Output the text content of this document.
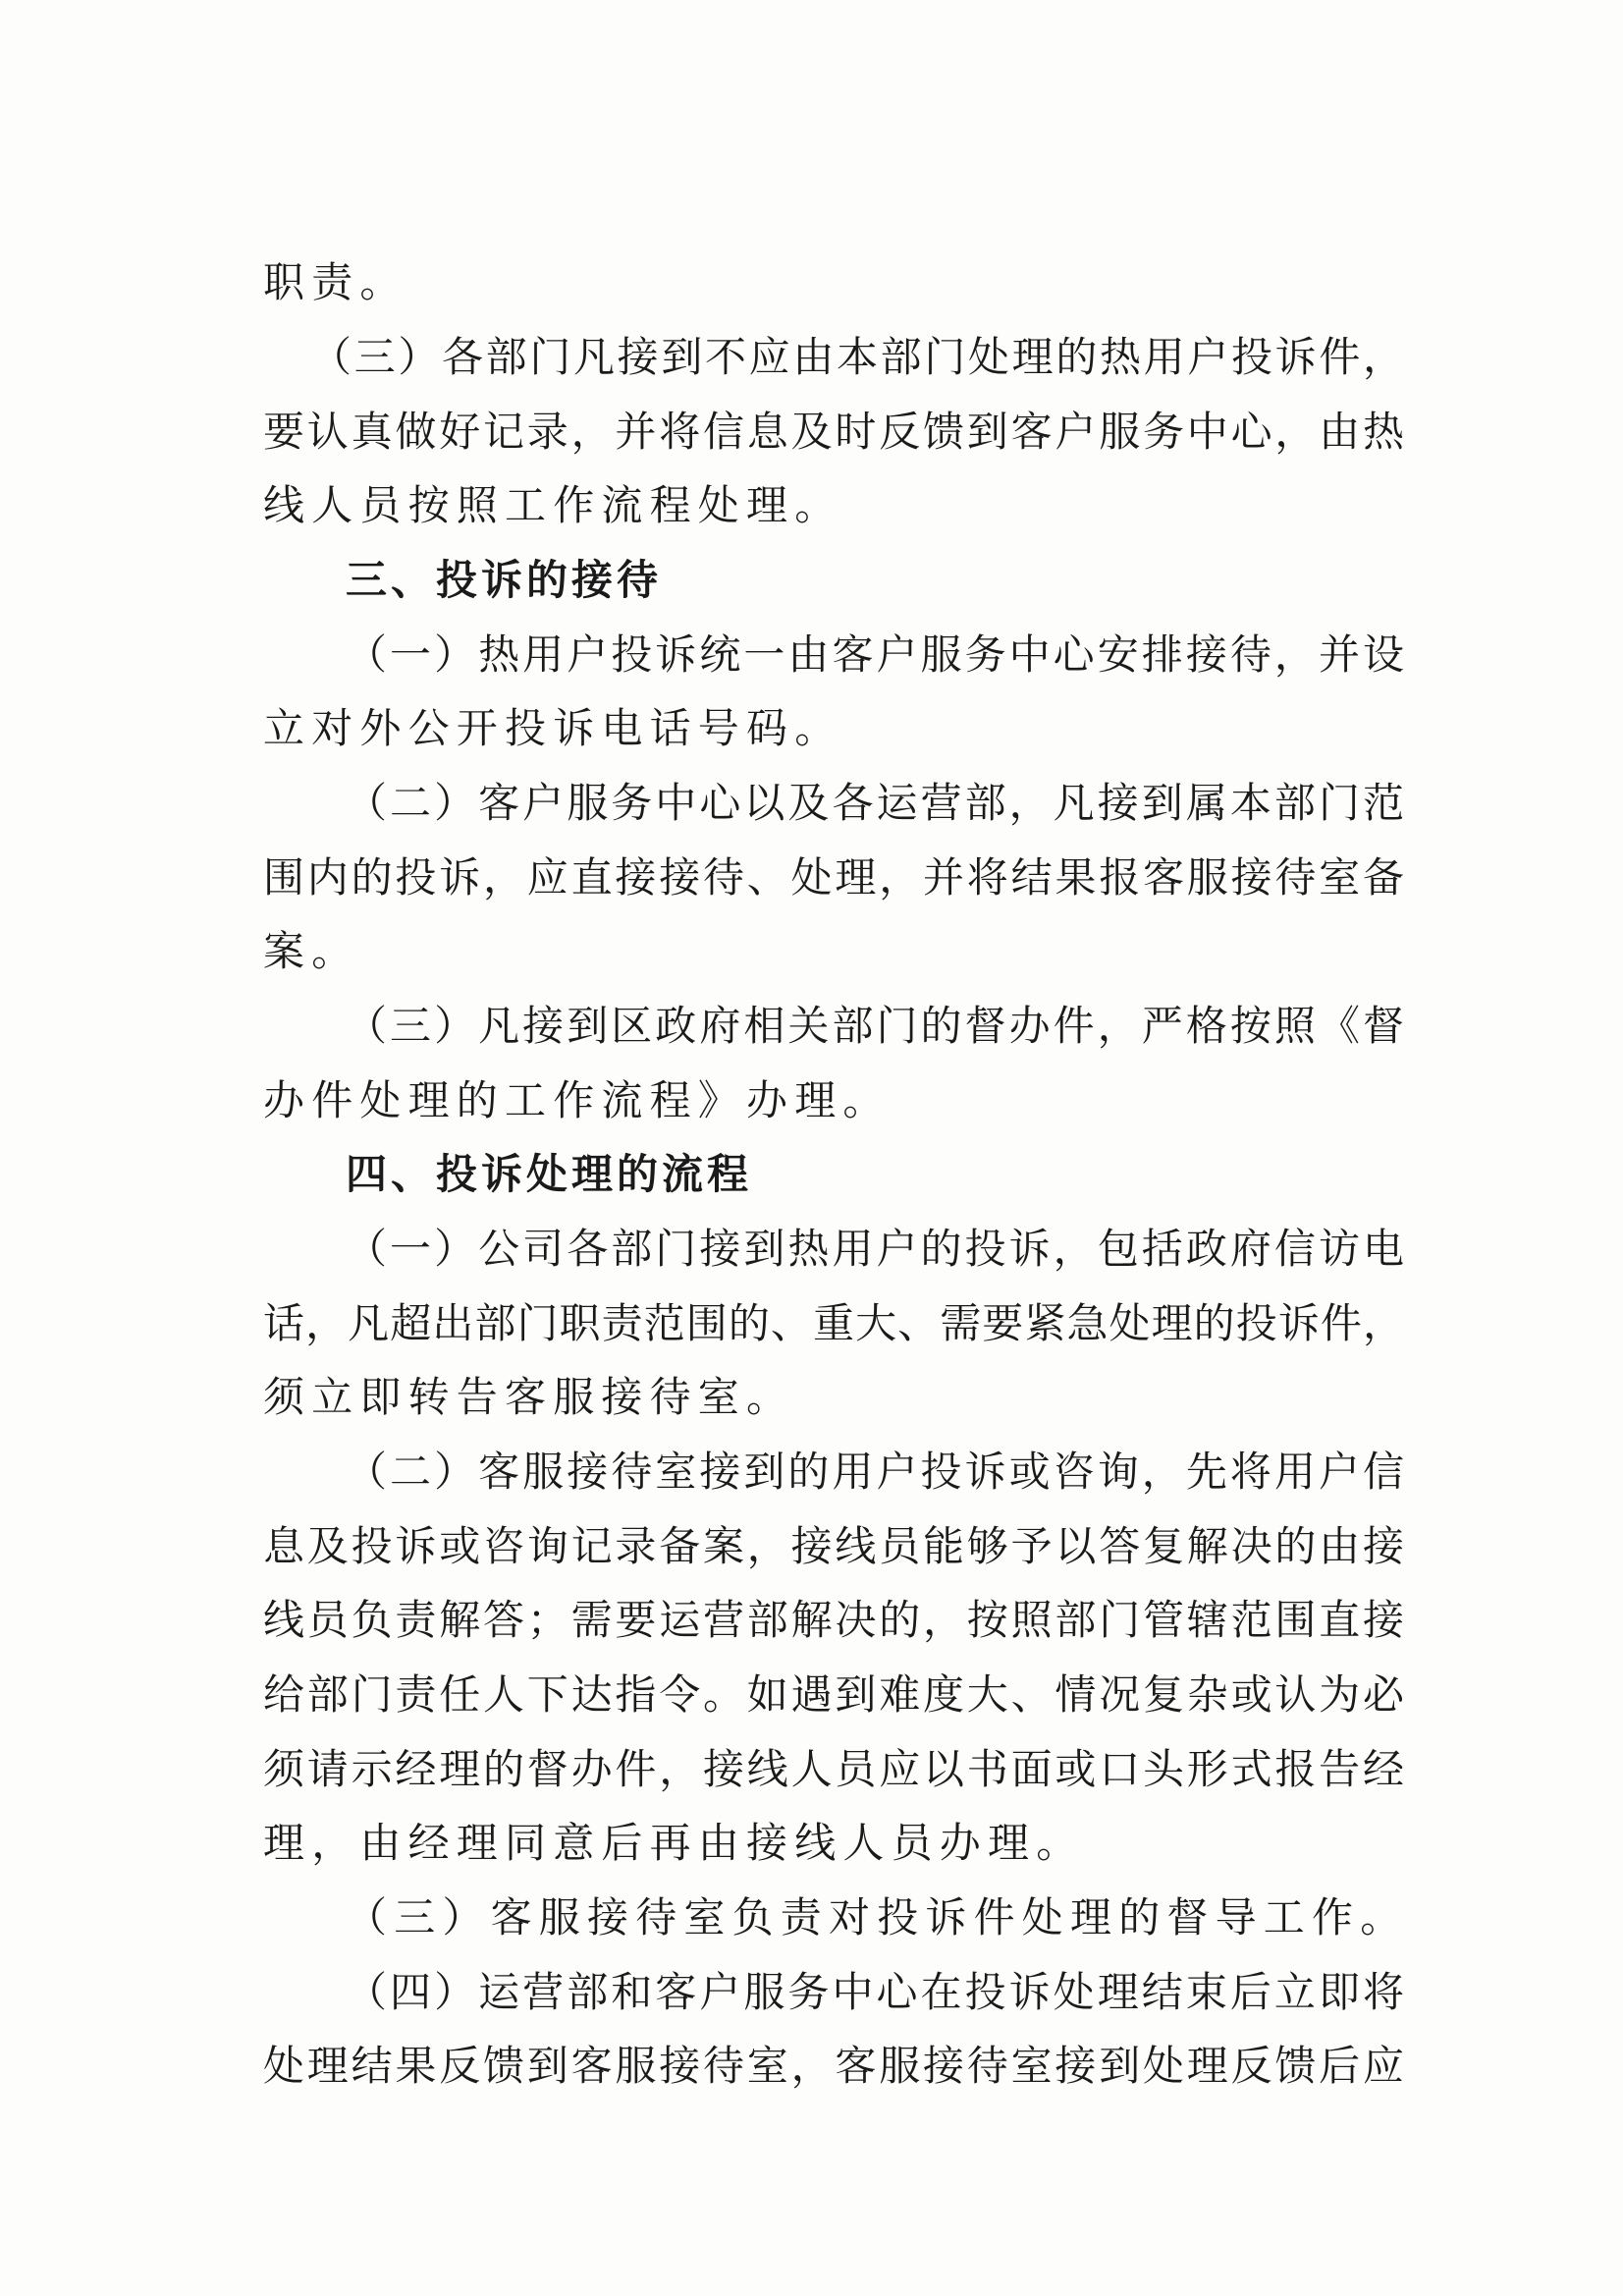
职责。
（三）各部门凡接到不应由本部门处理的热用户投诉件，
要认真做好记录，并将信息及时反馈到客户服务中心，由热
线人员按照工作流程处理。
三、投诉的接待
（一）热用户投诉统一由客户服务中心安排接待，并设
立对外公开投诉电话号码。
（二）客户服务中心以及各运营部，凡接到属本部门范
围内的投诉，应直接接待、处理，并将结果报客服接待室备
案。
（三）凡接到区政府相关部门的督办件，严格按照《督
办件处理的工作流程》办理。
四、投诉处理的流程
（一）公司各部门接到热用户的投诉，包括政府信访电
话，凡超出部门职责范围的、重大、需要紧急处理的投诉件，
须立即转告客服接待室。
（二）客服接待室接到的用户投诉或咨询，先将用户信
息及投诉或咨询记录备案，接线员能够予以答复解决的由接
线员负责解答；需要运营部解决的，按照部门管辖范围直接
给部门责任人下达指令。如遇到难度大、情况复杂或认为必
须请示经理的督办件，接线人员应以书面或口头形式报告经
理，由经理同意后再由接线人员办理。
（三）客服接待室负责对投诉件处理的督导工作。
（四）运营部和客户服务中心在投诉处理结束后立即将
处理结果反馈到客服接待室，客服接待室接到处理反馈后应
